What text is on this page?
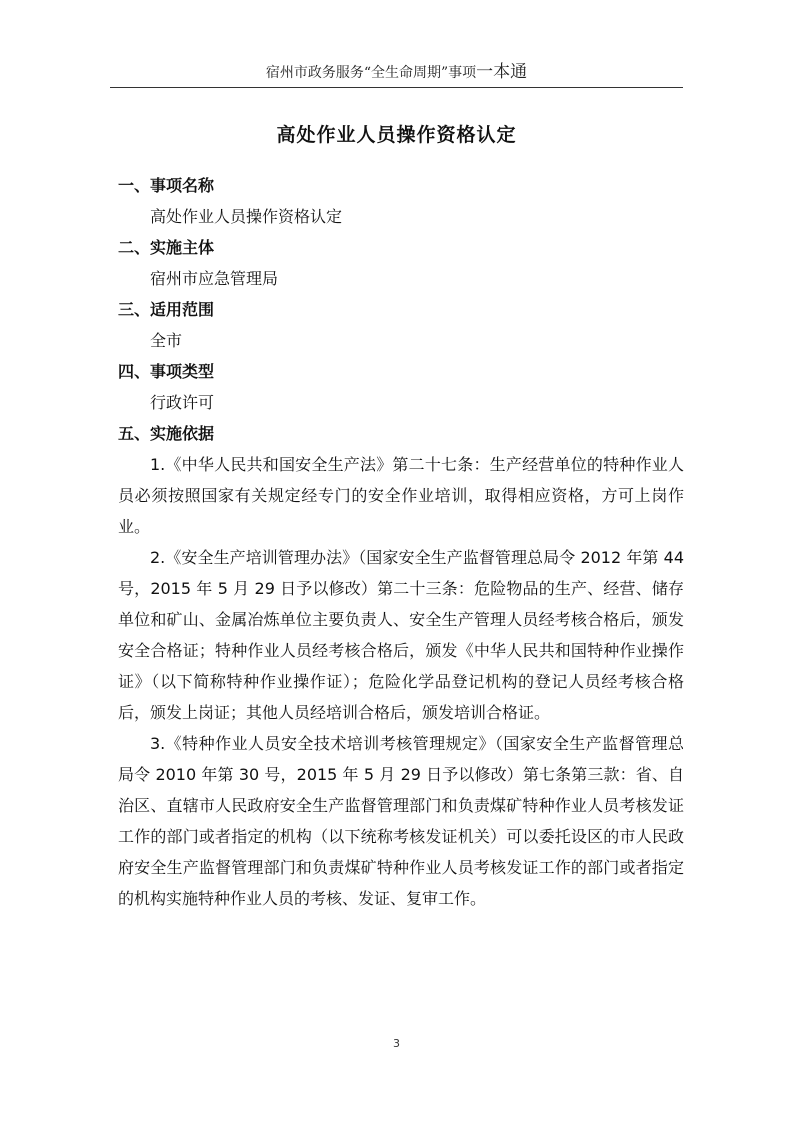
宿州市政务服务“全生命周期”事项一本通
高处作业人员操作资格认定
一、事项名称
高处作业人员操作资格认定
二、实施主体
宿州市应急管理局
三、适用范围
全市
四、事项类型
行政许可
五、实施依据

1.《中华人民共和国安全生产法》第二十七条：生产经营单位的特种作业人员必须按照国家有关规定经专门的安全作业培训，取得相应资格，方可上岗作业。

2.《安全生产培训管理办法》（国家安全生产监督管理总局令 2012 年第 44 号，2015 年 5 月 29 日予以修改）第二十三条：危险物品的生产、经营、储存单位和矿山、金属冶炼单位主要负责人、安全生产管理人员经考核合格后，颁发安全合格证；特种作业人员经考核合格后，颁发《中华人民共和国特种作业操作证》（以下简称特种作业操作证）；危险化学品登记机构的登记人员经考核合格后，颁发上岗证；其他人员经培训合格后，颁发培训合格证。

3.《特种作业人员安全技术培训考核管理规定》（国家安全生产监督管理总局令 2010 年第 30 号，2015 年 5 月 29 日予以修改）第七条第三款：省、自治区、直辖市人民政府安全生产监督管理部门和负责煤矿特种作业人员考核发证工作的部门或者指定的机构（以下统称考核发证机关）可以委托设区的市人民政府安全生产监督管理部门和负责煤矿特种作业人员考核发证工作的部门或者指定的机构实施特种作业人员的考核、发证、复审工作。

3
